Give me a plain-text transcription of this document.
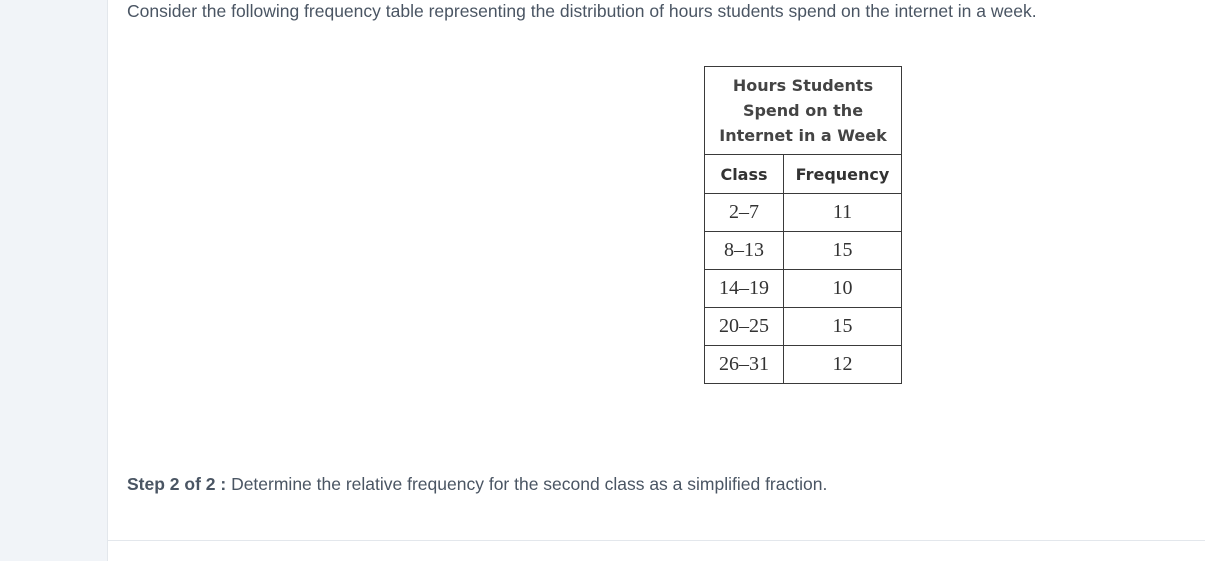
Consider the following frequency table representing the distribution of hours students spend on the internet in a week.

Hours Students
Spend on the
Internet in a Week	

Class	Frequency
2–7	11
8–13	15
14–19	10
20–25	15
26–31	12

Step 2 of 2 : Determine the relative frequency for the second class as a simplified fraction.
